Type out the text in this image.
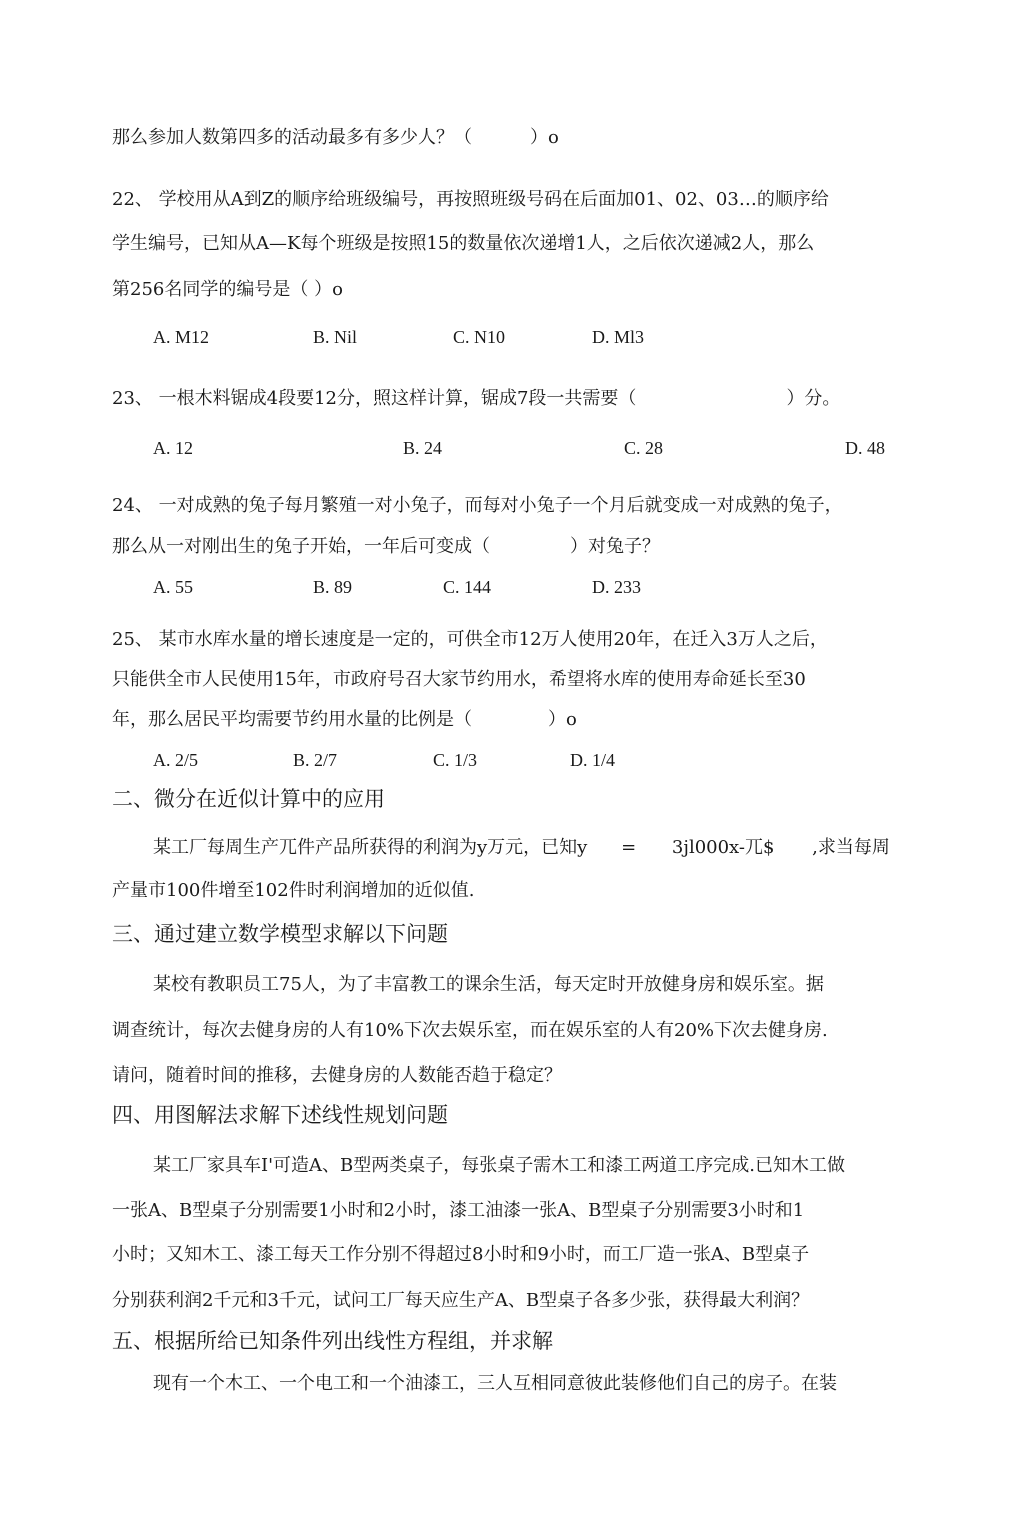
那么参加人数第四多的活动最多有多少人？（	）o
22、 学校用从A到Z的顺序给班级编号，再按照班级号码在后面加01、02、03…的顺序给
学生编号，已知从A—K每个班级是按照15的数量依次递增1人，之后依次递减2人，那么
第256名同学的编号是（ ）o
A. M12	B. Nil	C. N10	D. Ml3
23、 一根木料锯成4段要12分，照这样计算，锯成7段一共需要（	）分。
A. 12	B. 24	C. 28	D. 48
24、 一对成熟的兔子每月繁殖一对小兔子，而每对小兔子一个月后就变成一对成熟的兔子，
那么从一对刚出生的兔子开始，一年后可变成（	）对兔子？
A. 55	B. 89	C. 144	D. 233
25、 某市水库水量的增长速度是一定的，可供全市12万人使用20年，在迁入3万人之后，
只能供全市人民使用15年，市政府号召大家节约用水，希望将水库的使用寿命延长至30
年，那么居民平均需要节约用水量的比例是（	）o
A. 2/5	B. 2/7	C. 1/3	D. 1/4
二、微分在近似计算中的应用
某工厂每周生产兀件产品所获得的利润为y万元，已知y = 3jl000x-兀$ ,求当每周
产量市100件增至102件时利润增加的近似值.
三、通过建立数学模型求解以下问题
某校有教职员工75人，为了丰富教工的课余生活，每天定时开放健身房和娱乐室。据
调查统计，每次去健身房的人有10%下次去娱乐室，而在娱乐室的人有20%下次去健身房.
请问，随着时间的推移，去健身房的人数能否趋于稳定？
四、用图解法求解下述线性规划问题
某工厂家具车I'可造A、B型两类桌子，每张桌子需木工和漆工两道工序完成.已知木工做
一张A、B型桌子分别需要1小时和2小时，漆工油漆一张A、B型桌子分别需要3小时和1
小时；又知木工、漆工每天工作分别不得超过8小时和9小时，而工厂造一张A、B型桌子
分别获利润2千元和3千元，试问工厂每天应生产A、B型桌子各多少张，获得最大利润？
五、根据所给已知条件列出线性方程组，并求解
现有一个木工、一个电工和一个油漆工，三人互相同意彼此装修他们自己的房子。在装
